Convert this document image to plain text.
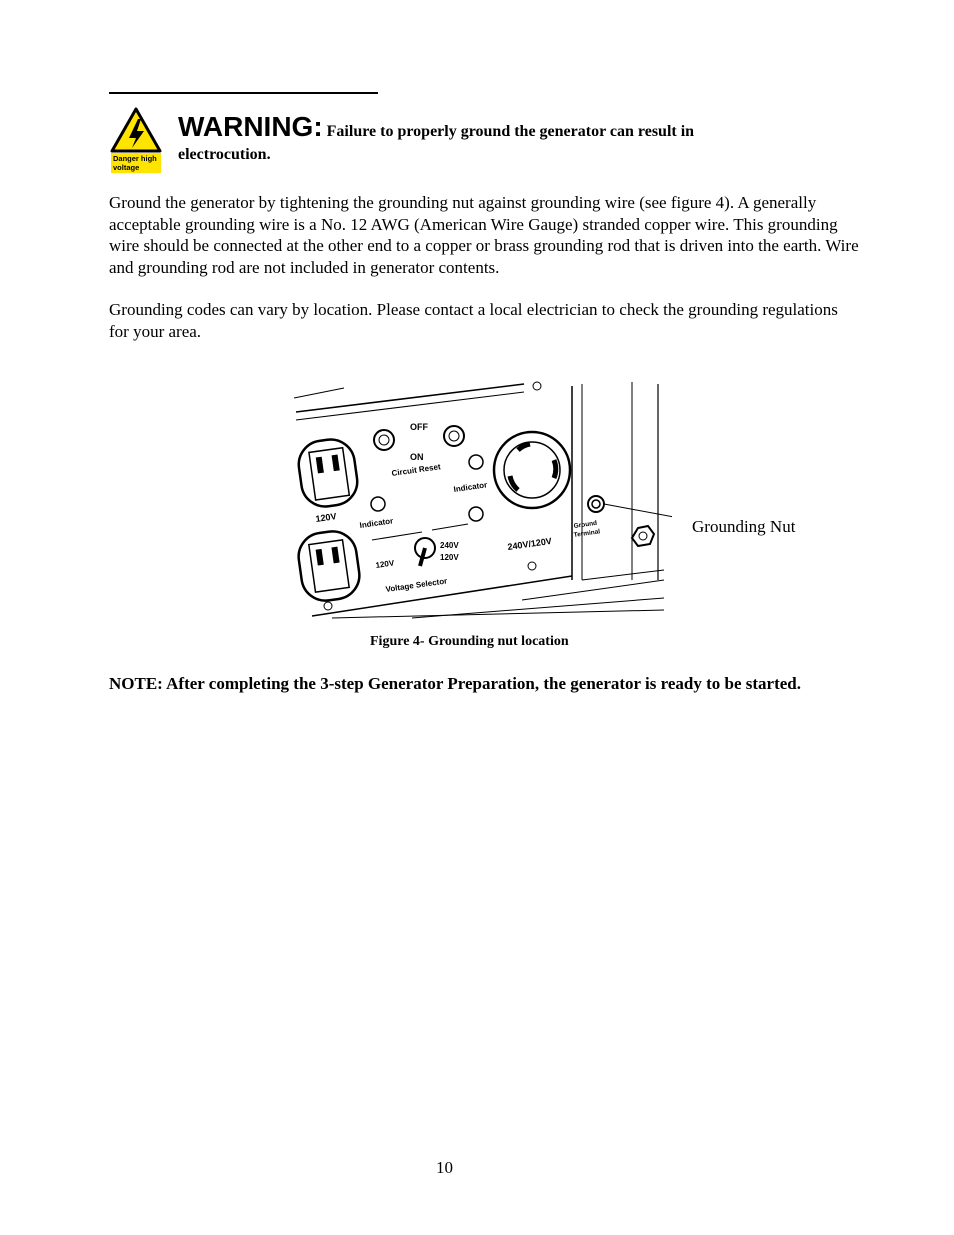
Danger high
voltage
WARNING: Failure to properly ground the generator can result in
electrocution.

Ground the generator by tightening the grounding nut against grounding wire (see figure 4). A generally acceptable grounding wire is a No. 12 AWG (American Wire Gauge) stranded copper wire. This grounding wire should be connected at the other end to a copper or brass grounding rod that is driven into the earth. Wire and grounding rod are not included in generator contents.

Grounding codes can vary by location. Please contact a local electrician to check the grounding regulations for your area.

OFF
ON
Circuit Reset
Indicator
Indicator
120V
120V
240V
120V
Voltage Selector
240V/120V
Ground
Terminal	Grounding Nut
Figure 4- Grounding nut location

NOTE: After completing the 3-step Generator Preparation, the generator is ready to be started.

10
